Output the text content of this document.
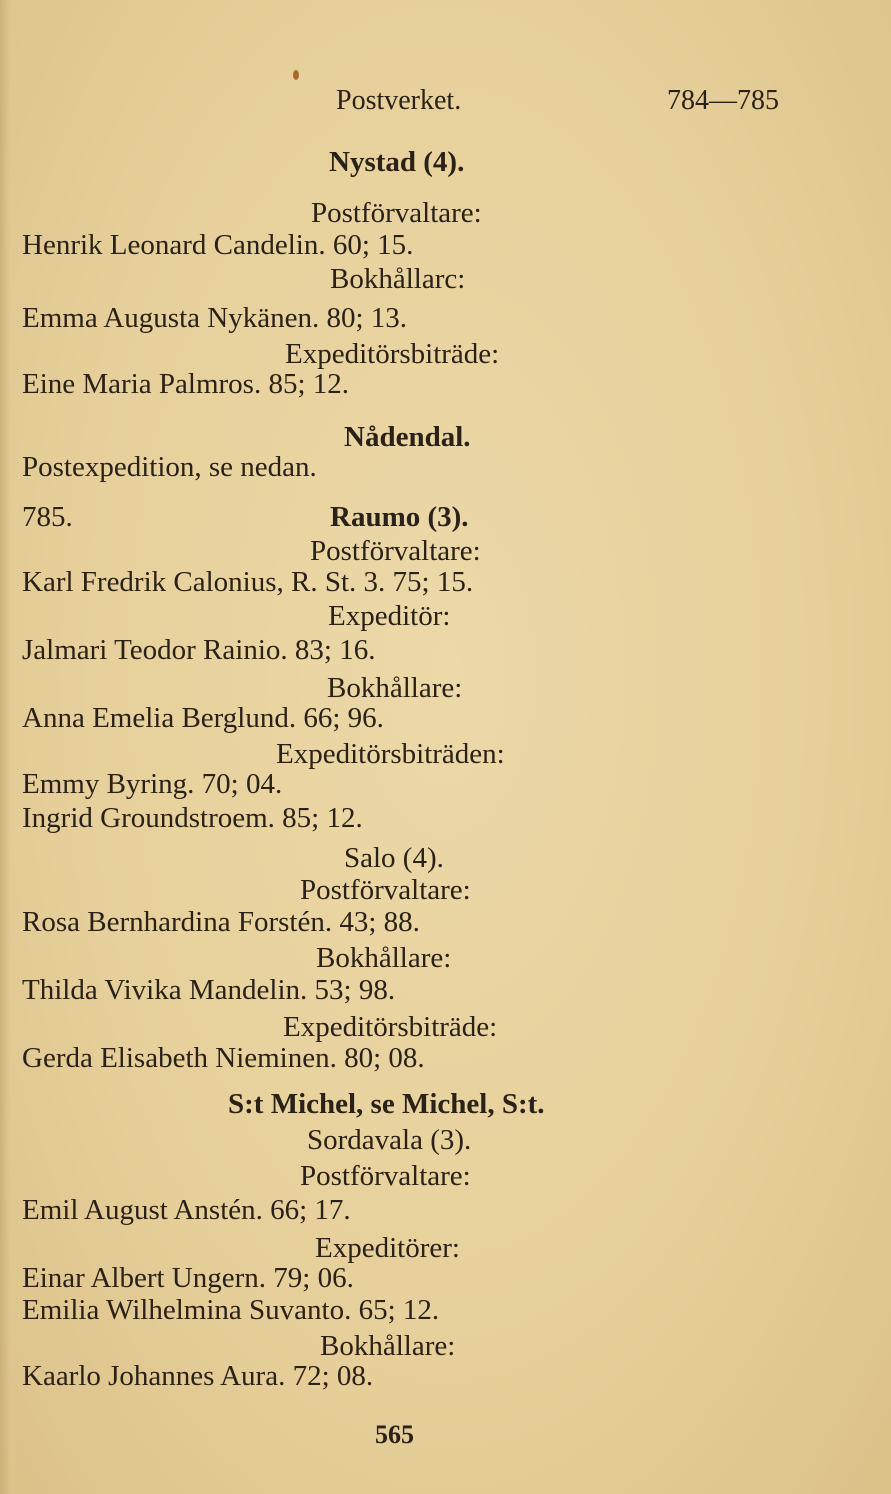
Postverket.	784—785
Nystad (4).
Postförvaltare:
Henrik Leonard Candelin. 60; 15.
Bokhållarc:
Emma Augusta Nykänen. 80; 13.
Expeditörsbiträde:
Eine Maria Palmros. 85; 12.
Nådendal.
Postexpedition, se nedan.
785.	Raumo (3).
Postförvaltare:
Karl Fredrik Calonius, R. St. 3. 75; 15.
Expeditör:
Jalmari Teodor Rainio. 83; 16.
Bokhållare:
Anna Emelia Berglund. 66; 96.
Expeditörsbiträden:
Emmy Byring. 70; 04.
Ingrid Groundstroem. 85; 12.
Salo (4).
Postförvaltare:
Rosa Bernhardina Forstén. 43; 88.
Bokhållare:
Thilda Vivika Mandelin. 53; 98.
Expeditörsbiträde:
Gerda Elisabeth Nieminen. 80; 08.
S:t Michel, se Michel, S:t.
Sordavala (3).
Postförvaltare:
Emil August Anstén. 66; 17.
Expeditörer:
Einar Albert Ungern. 79; 06.
Emilia Wilhelmina Suvanto. 65; 12.
Bokhållare:
Kaarlo Johannes Aura. 72; 08.
565
